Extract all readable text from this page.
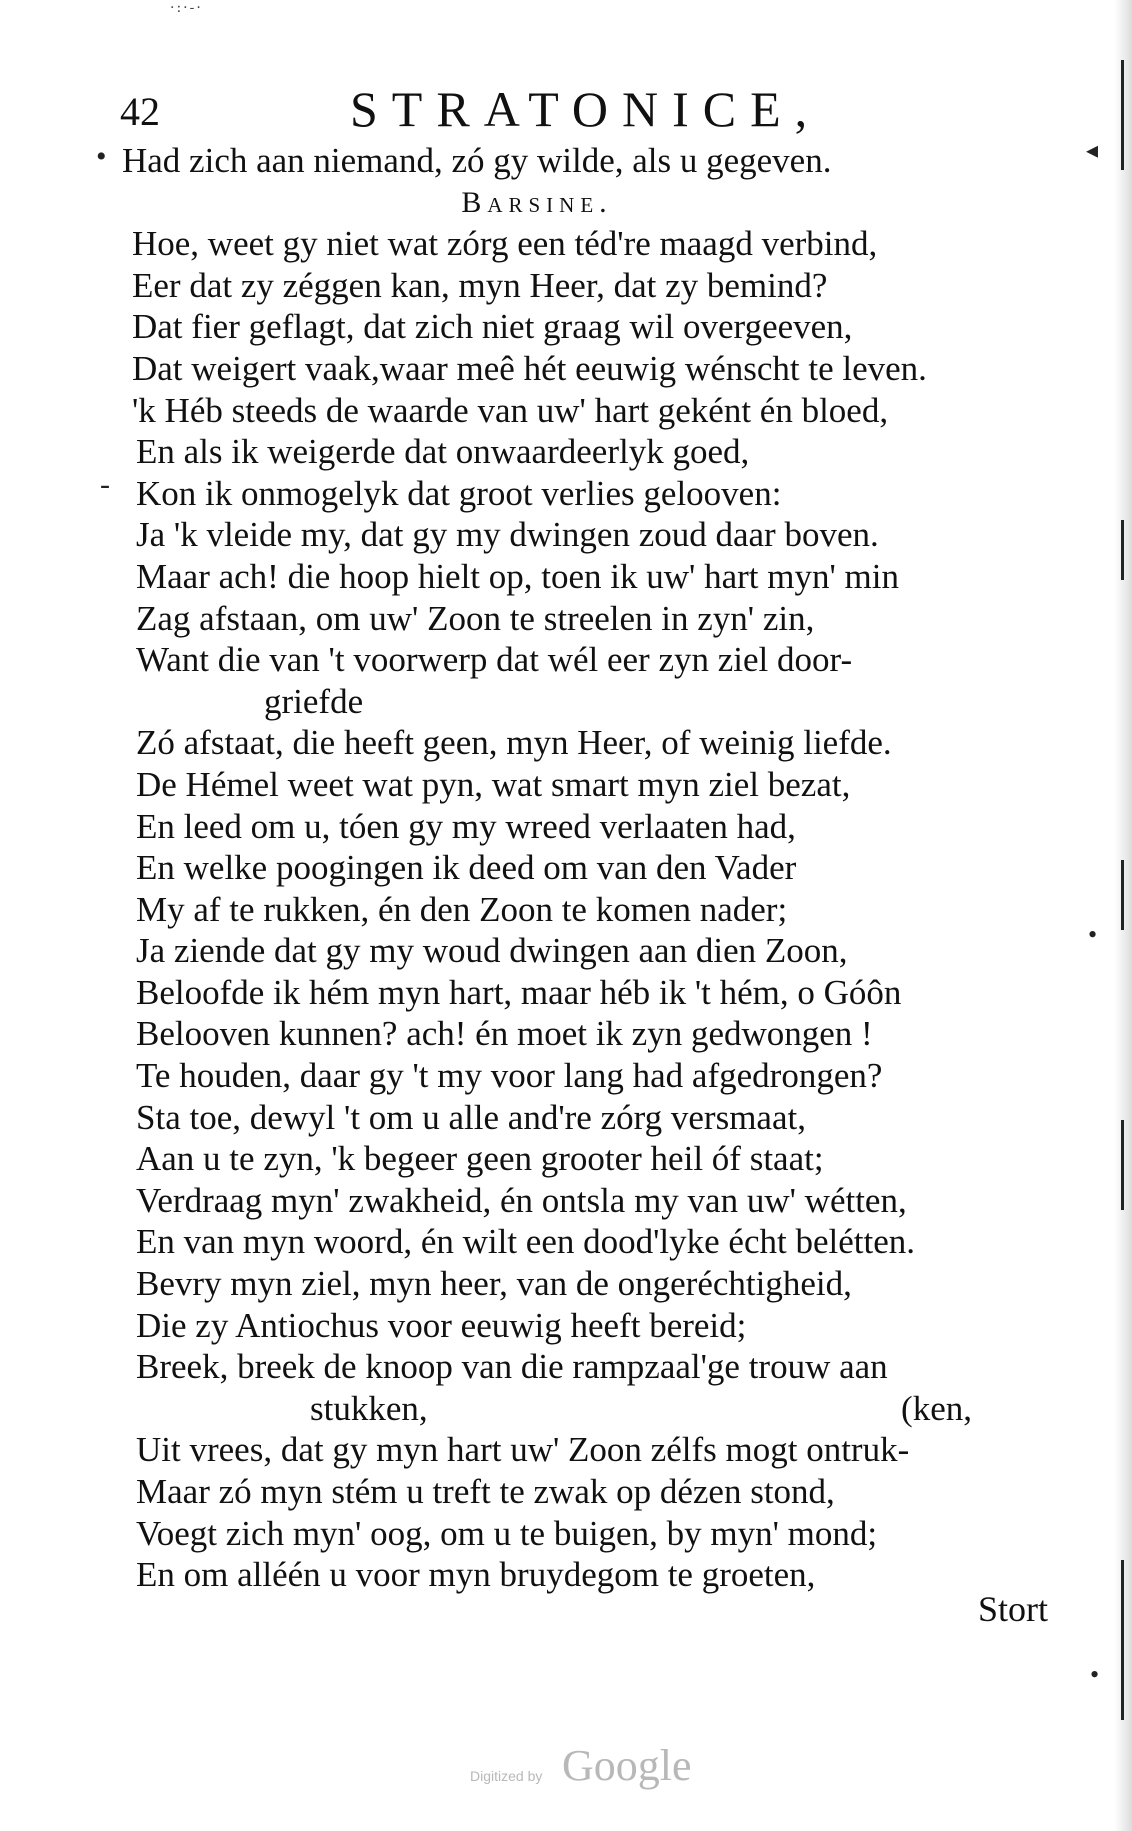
·:·-·
42	STRATONICE,
•
-
◂
•
•
Had zich aan niemand, zó gy wilde, als u gegeven.
Barsine.
Hoe, weet gy niet wat zórg een téd're maagd verbind,
Eer dat zy zéggen kan, myn Heer, dat zy bemind?
Dat fier geflagt, dat zich niet graag wil overgeeven,
Dat weigert vaak,waar meê hét eeuwig wénscht te leven.
'k Héb steeds de waarde van uw' hart geként én bloed,
En als ik weigerde dat onwaardeerlyk goed,
Kon ik onmogelyk dat groot verlies gelooven:
Ja 'k vleide my, dat gy my dwingen zoud daar boven.
Maar ach! die hoop hielt op, toen ik uw' hart myn' min
Zag afstaan, om uw' Zoon te streelen in zyn' zin,
Want die van 't voorwerp dat wél eer zyn ziel door-
griefde
Zó afstaat, die heeft geen, myn Heer, of weinig liefde.
De Hémel weet wat pyn, wat smart myn ziel bezat,
En leed om u, tóen gy my wreed verlaaten had,
En welke poogingen ik deed om van den Vader
My af te rukken, én den Zoon te komen nader;
Ja ziende dat gy my woud dwingen aan dien Zoon,
Beloofde ik hém myn hart, maar héb ik 't hém, o Góôn
Belooven kunnen? ach! én moet ik zyn gedwongen !
Te houden, daar gy 't my voor lang had afgedrongen?
Sta toe, dewyl 't om u alle and're zórg versmaat,
Aan u te zyn, 'k begeer geen grooter heil óf staat;
Verdraag myn' zwakheid, én ontsla my van uw' wétten,
En van myn woord, én wilt een dood'lyke écht belétten.
Bevry myn ziel, myn heer, van de ongeréchtigheid,
Die zy Antiochus voor eeuwig heeft bereid;
Breek, breek de knoop van die rampzaal'ge trouw aan
stukken,	(ken,
Uit vrees, dat gy myn hart uw' Zoon zélfs mogt ontruk-
Maar zó myn stém u treft te zwak op dézen stond,
Voegt zich myn' oog, om u te buigen, by myn' mond;
En om alléén u voor myn bruydegom te groeten,
Stort
Digitized by Google
